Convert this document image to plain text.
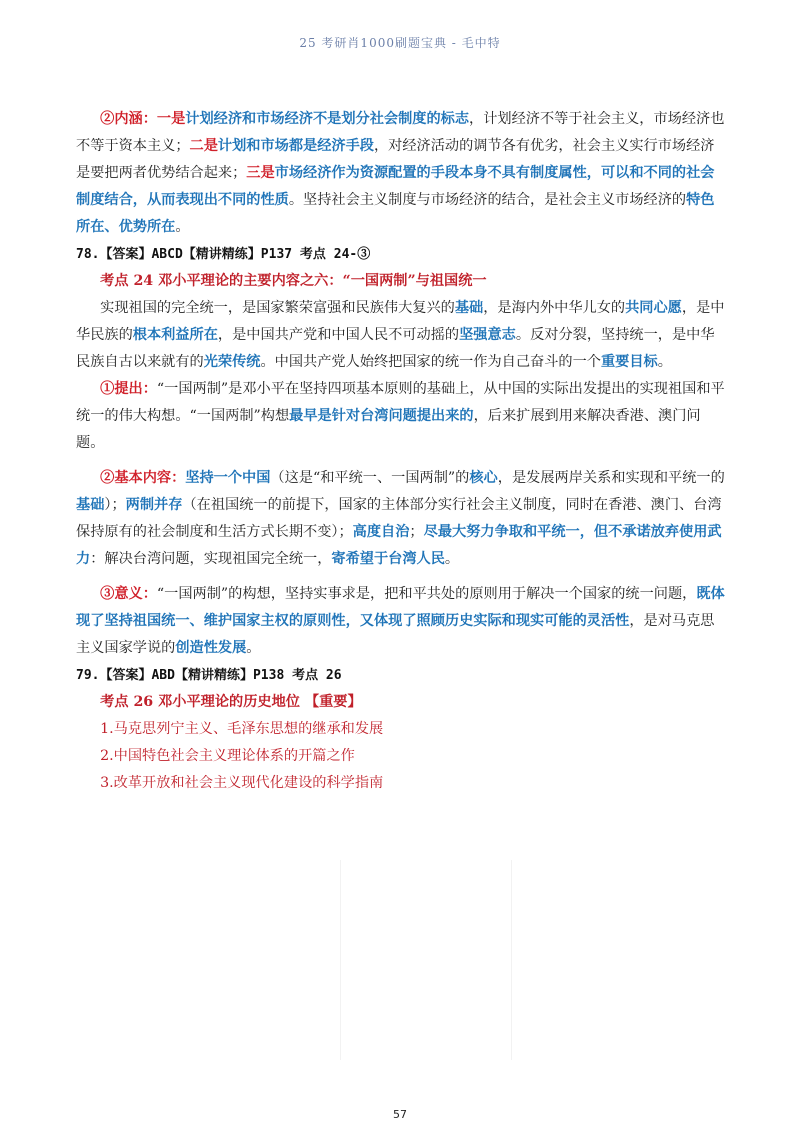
25 考研肖1000刷题宝典 - 毛中特

②内涵：一是计划经济和市场经济不是划分社会制度的标志，计划经济不等于社会主义，市场经济也不等于资本主义；二是计划和市场都是经济手段，对经济活动的调节各有优劣，社会主义实行市场经济是要把两者优势结合起来；三是市场经济作为资源配置的手段本身不具有制度属性，可以和不同的社会制度结合，从而表现出不同的性质。坚持社会主义制度与市场经济的结合，是社会主义市场经济的特色所在、优势所在。

78.【答案】ABCD【精讲精练】P137 考点 24-③

考点 24 邓小平理论的主要内容之六：“一国两制”与祖国统一

实现祖国的完全统一，是国家繁荣富强和民族伟大复兴的基础，是海内外中华儿女的共同心愿，是中华民族的根本利益所在，是中国共产党和中国人民不可动摇的坚强意志。反对分裂，坚持统一，是中华民族自古以来就有的光荣传统。中国共产党人始终把国家的统一作为自己奋斗的一个重要目标。

①提出：“一国两制”是邓小平在坚持四项基本原则的基础上，从中国的实际出发提出的实现祖国和平统一的伟大构想。“一国两制”构想最早是针对台湾问题提出来的，后来扩展到用来解决香港、澳门问题。

②基本内容：坚持一个中国（这是“和平统一、一国两制”的核心，是发展两岸关系和实现和平统一的基础）；两制并存（在祖国统一的前提下，国家的主体部分实行社会主义制度，同时在香港、澳门、台湾保持原有的社会制度和生活方式长期不变）；高度自治；尽最大努力争取和平统一，但不承诺放弃使用武力：解决台湾问题，实现祖国完全统一，寄希望于台湾人民。

③意义：“一国两制”的构想，坚持实事求是，把和平共处的原则用于解决一个国家的统一问题，既体现了坚持祖国统一、维护国家主权的原则性，又体现了照顾历史实际和现实可能的灵活性，是对马克思主义国家学说的创造性发展。

79.【答案】ABD【精讲精练】P138 考点 26

考点 26 邓小平理论的历史地位 【重要】

1.马克思列宁主义、毛泽东思想的继承和发展

2.中国特色社会主义理论体系的开篇之作

3.改革开放和社会主义现代化建设的科学指南

57
